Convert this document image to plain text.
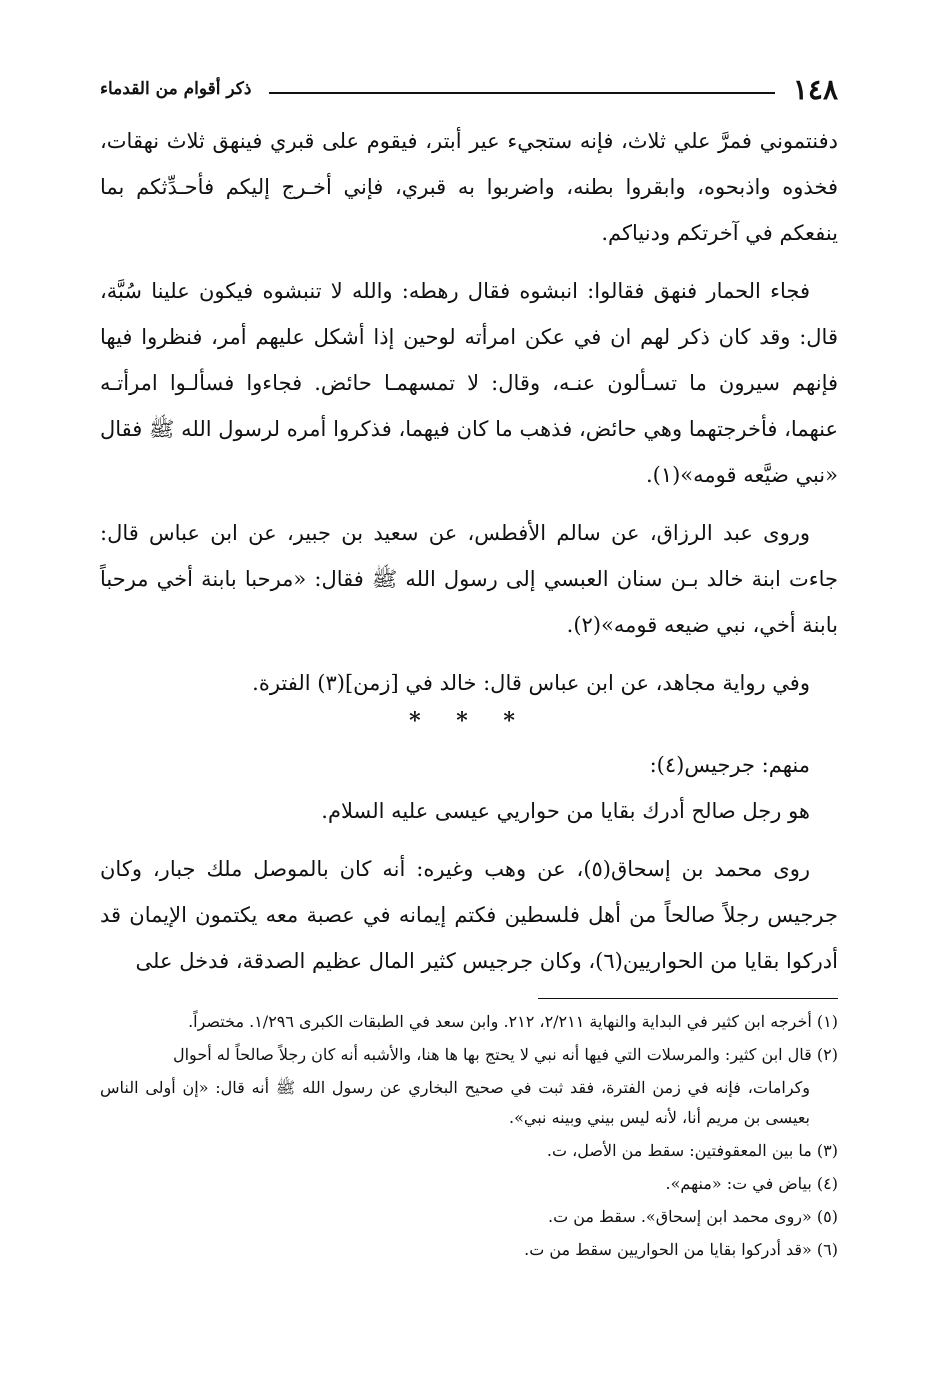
١٤٨
ذكر أقوام من القدماء

دفنتموني فمرَّ علي ثلاث، فإنه ستجيء عير أبتر، فيقوم على قبري فينهق ثلاث نهقات، فخذوه واذبحوه، وابقروا بطنه، واضربوا به قبري، فإني أخـرج إليكم فأحـدِّثكم بما ينفعكم في آخرتكم ودنياكم.

فجاء الحمار فنهق فقالوا: انبشوه فقال رهطه: والله لا تنبشوه فيكون علينا سُبَّة، قال: وقد كان ذكر لهم ان في عكن امرأته لوحين إذا أشكل عليهم أمر، فنظروا فيها فإنهم سيرون ما تسـألون عنـه، وقال: لا تمسهمـا حائض. فجاءوا فسألـوا امرأتـه عنهما، فأخرجتهما وهي حائض، فذهب ما كان فيهما، فذكروا أمره لرسول الله ﷺ فقال «نبي ضيَّعه قومه»(١).

وروى عبد الرزاق، عن سالم الأفطس، عن سعيد بن جبير، عن ابن عباس قال: جاءت ابنة خالد بـن سنان العبسي إلى رسول الله ﷺ فقال: «مرحبا بابنة أخي مرحباً بابنة أخي، نبي ضيعه قومه»(٢).

وفي رواية مجاهد، عن ابن عباس قال: خالد في [زمن](٣) الفترة.

* * *

منهم: جرجيس(٤):

هو رجل صالح أدرك بقايا من حواريي عيسى عليه السلام.

روى محمد بن إسحاق(٥)، عن وهب وغيره: أنه كان بالموصل ملك جبار، وكان جرجيس رجلاً صالحاً من أهل فلسطين فكتم إيمانه في عصبة معه يكتمون الإيمان قد أدركوا بقايا من الحواريين(٦)، وكان جرجيس كثير المال عظيم الصدقة، فدخل على

(١) أخرجه ابن كثير في البداية والنهاية ٢/٢١١، ٢١٢. وابن سعد في الطبقات الكبرى ١/٢٩٦. مختصراً.

(٢) قال ابن كثير: والمرسلات التي فيها أنه نبي لا يحتج بها ها هنا، والأشبه أنه كان رجلاً صالحاً له أحوال

وكرامات، فإنه في زمن الفترة، فقد ثبت في صحيح البخاري عن رسول الله ﷺ أنه قال: «إن أولى الناس بعيسى بن مريم أنا، لأنه ليس بيني وبينه نبي».

(٣) ما بين المعقوفتين: سقط من الأصل، ت.

(٤) بياض في ت: «منهم».

(٥) «روى محمد ابن إسحاق». سقط من ت.

(٦) «قد أدركوا بقايا من الحواريين سقط من ت.
